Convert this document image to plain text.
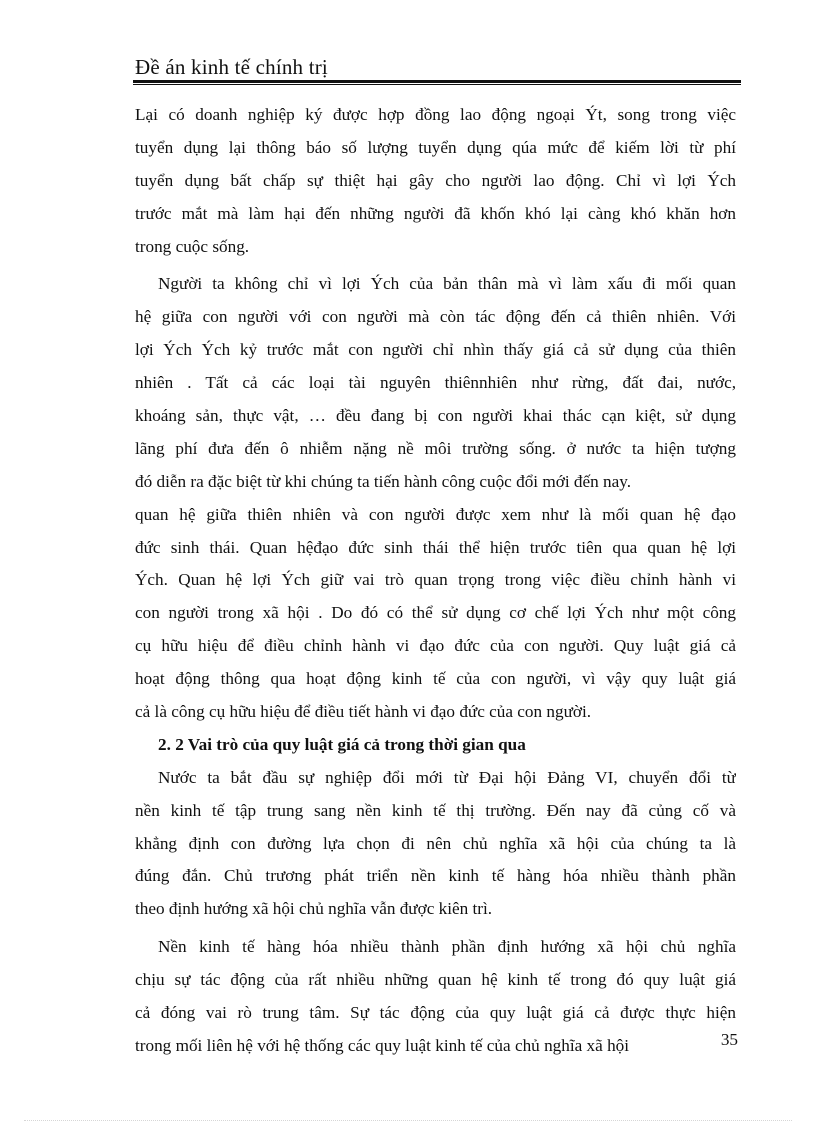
Đề án kinh tế chính trị
Lại có doanh nghiệp ký được hợp đồng lao động ngoại Ýt, song trong việc
tuyển dụng lại thông báo số lượng tuyển dụng qúa mức để kiếm lời từ phí
tuyển dụng bất chấp sự thiệt hại gây cho người lao động. Chỉ vì lợi Ých
trước mắt mà làm hại đến những người đã khốn khó lại càng khó khăn hơn
trong cuộc sống.
Người ta không chỉ vì lợi Ých của bản thân mà vì làm xấu đi mối quan
hệ giữa con người với con người mà còn tác động đến cả thiên nhiên. Với
lợi Ých Ých kỷ trước mắt con người chỉ nhìn thấy giá cả sử dụng của thiên
nhiên . Tất cả các loại tài nguyên thiênnhiên như rừng, đất đai, nước,
khoáng sản, thực vật, … đều đang bị con người khai thác cạn kiệt, sử dụng
lãng phí đưa đến ô nhiễm nặng nề môi trường sống. ở nước ta hiện tượng
đó diễn ra đặc biệt từ khi chúng ta tiến hành công cuộc đổi mới đến nay.
quan hệ giữa thiên nhiên và con người được xem như là mối quan hệ đạo
đức sinh thái. Quan hệđạo đức sinh thái thể hiện trước tiên qua quan hệ lợi
Ých. Quan hệ lợi Ých giữ vai trò quan trọng trong việc điều chỉnh hành vi
con người trong xã hội . Do đó có thể sử dụng cơ chế lợi Ých như một công
cụ hữu hiệu để điều chỉnh hành vi đạo đức của con người. Quy luật giá cả
hoạt động thông qua hoạt động kinh tế của con người, vì vậy quy luật giá
cả là công cụ hữu hiệu để điều tiết hành vi đạo đức của con người.
2. 2 Vai trò của quy luật giá cả trong thời gian qua
Nước ta bắt đầu sự nghiệp đổi mới từ Đại hội Đảng VI, chuyển đổi từ
nền kinh tế tập trung sang nền kinh tế thị trường. Đến nay đã củng cố và
khẳng định con đường lựa chọn đi nên chủ nghĩa xã hội của chúng ta là
đúng đắn. Chủ trương phát triển nền kinh tế hàng hóa nhiều thành phần
theo định hướng xã hội chủ nghĩa vẫn được kiên trì.
Nền kinh tế hàng hóa nhiều thành phần định hướng xã hội chủ nghĩa
chịu sự tác động của rất nhiều những quan hệ kinh tế trong đó quy luật giá
cả đóng vai rò trung tâm. Sự tác động của quy luật giá cả được thực hiện
trong mối liên hệ với hệ thống các quy luật kinh tế của chủ nghĩa xã hội	35
